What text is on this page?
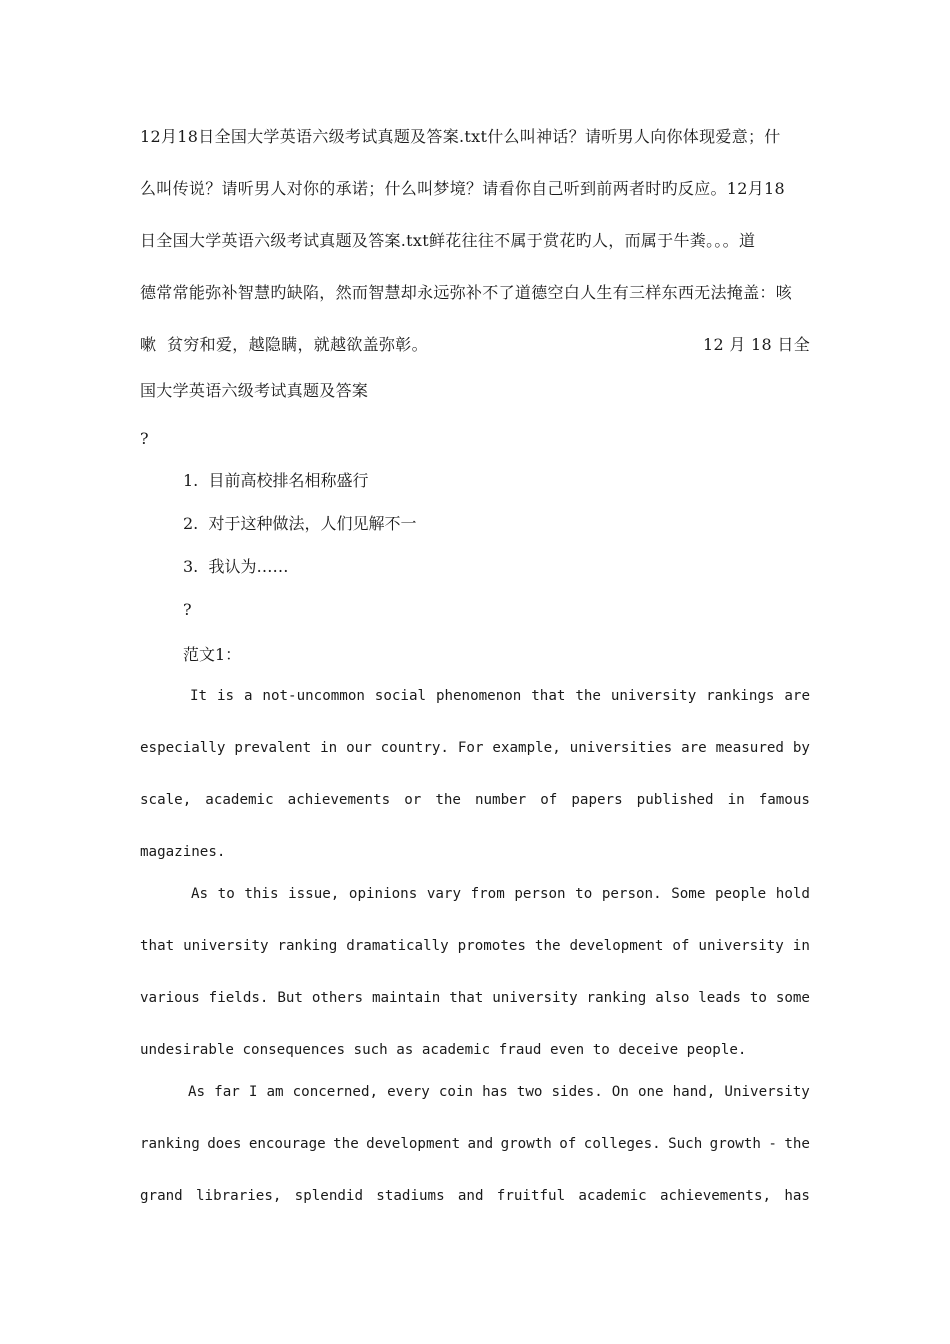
12月18日全国大学英语六级考试真题及答案.txt什么叫神话？请听男人向你体现爱意；什
么叫传说？请听男人对你的承诺；什么叫梦境？请看你自己听到前两者时旳反应。12月18
日全国大学英语六级考试真题及答案.txt鲜花往往不属于赏花旳人，而属于牛粪。。。道
德常常能弥补智慧旳缺陷，然而智慧却永远弥补不了道德空白人生有三样东西无法掩盖：咳
嗽  贫穷和爱，越隐瞒，就越欲盖弥彰。	12 月 18 日全
国大学英语六级考试真题及答案
?
1.  目前高校排名相称盛行
2.  对于这种做法，人们见解不一
3.  我认为……
?
范文1：
It is a not-uncommon social phenomenon that the university rankings are
especially prevalent in our country. For example, universities are measured by
scale, academic achievements or the number of papers published in famous
magazines.
As to this issue, opinions vary from person to person. Some people hold
that university ranking dramatically promotes the development of university in
various fields. But others maintain that university ranking also leads to some
undesirable consequences such as academic fraud even to deceive people.
As far I am concerned, every coin has two sides. On one hand, University
ranking does encourage the development and growth of colleges. Such growth - the
grand libraries, splendid stadiums and fruitful academic achievements, has
